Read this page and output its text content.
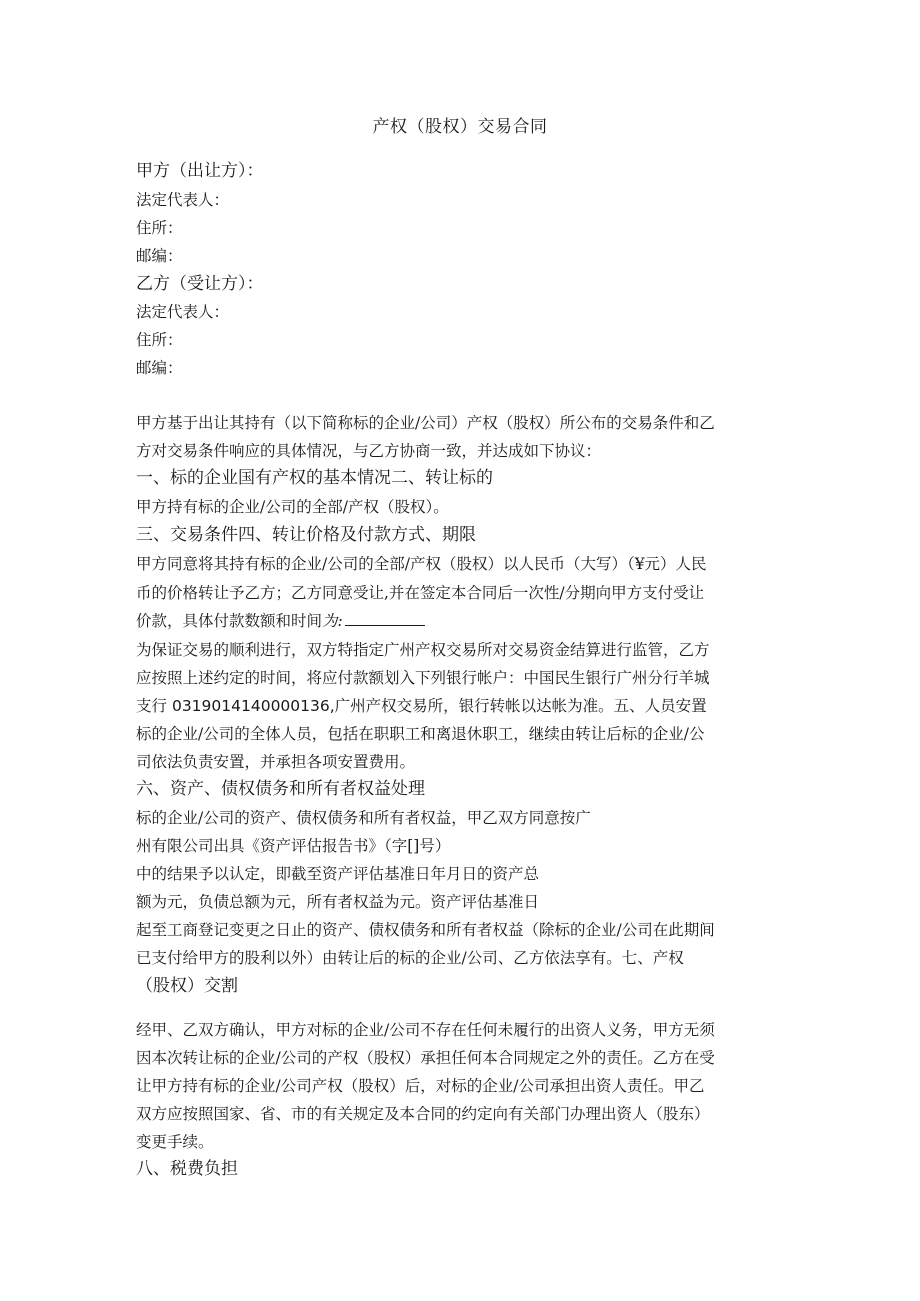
产权（股权）交易合同
甲方（出让方）：
法定代表人：
住所：
邮编：
乙方（受让方）：
法定代表人：
住所：
邮编：
甲方基于出让其持有（以下简称标的企业/公司）产权（股权）所公布的交易条件和乙
方对交易条件响应的具体情况，与乙方协商一致，并达成如下协议：
一、标的企业国有产权的基本情况二、转让标的
甲方持有标的企业/公司的全部/产权（股权）。
三、交易条件四、转让价格及付款方式、期限
甲方同意将其持有标的企业/公司的全部/产权（股权）以人民币（大写）（¥元）人民
币的价格转让予乙方；乙方同意受让,并在签定本合同后一次性/分期向甲方支付受让
价款，具体付款数额和时间为:
为保证交易的顺利进行，双方特指定广州产权交易所对交易资金结算进行监管，乙方
应按照上述约定的时间，将应付款额划入下列银行帐户：中国民生银行广州分行羊城
支行 0319014140000136,广州产权交易所，银行转帐以达帐为准。五、人员安置
标的企业/公司的全体人员，包括在职职工和离退休职工，继续由转让后标的企业/公
司依法负责安置，并承担各项安置费用。
六、资产、债权债务和所有者权益处理
标的企业/公司的资产、债权债务和所有者权益，甲乙双方同意按广
州有限公司出具《资产评估报告书》（字[]号）
中的结果予以认定，即截至资产评估基准日年月日的资产总
额为元，负债总额为元，所有者权益为元。资产评估基准日
起至工商登记变更之日止的资产、债权债务和所有者权益（除标的企业/公司在此期间
已支付给甲方的股利以外）由转让后的标的企业/公司、乙方依法享有。七、产权
（股权）交割
经甲、乙双方确认，甲方对标的企业/公司不存在任何未履行的出资人义务，甲方无须
因本次转让标的企业/公司的产权（股权）承担任何本合同规定之外的责任。乙方在受
让甲方持有标的企业/公司产权（股权）后，对标的企业/公司承担出资人责任。甲乙
双方应按照国家、省、市的有关规定及本合同的约定向有关部门办理出资人（股东）
变更手续。
八、税费负担
